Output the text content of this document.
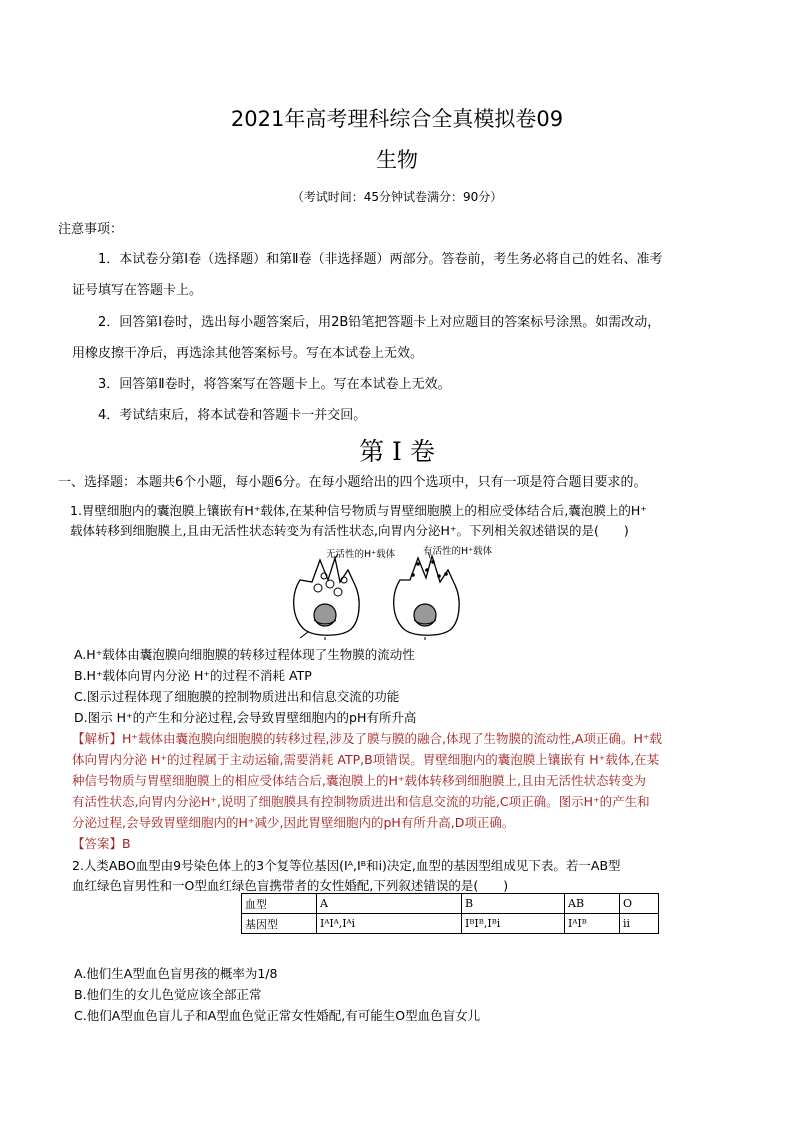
2021年高考理科综合全真模拟卷09
生物
（考试时间：45分钟试卷满分：90分）
注意事项：
1．本试卷分第Ⅰ卷（选择题）和第Ⅱ卷（非选择题）两部分。答卷前，考生务必将自己的姓名、准考
证号填写在答题卡上。
2．回答第Ⅰ卷时，选出每小题答案后，用2B铅笔把答题卡上对应题目的答案标号涂黑。如需改动，
用橡皮擦干净后，再选涂其他答案标号。写在本试卷上无效。
3．回答第Ⅱ卷时，将答案写在答题卡上。写在本试卷上无效。
4．考试结束后，将本试卷和答题卡一并交回。
第 I 卷
一、选择题：本题共6个小题，每小题6分。在每小题给出的四个选项中，只有一项是符合题目要求的。
1.胃壁细胞内的囊泡膜上镶嵌有H⁺载体,在某种信号物质与胃壁细胞膜上的相应受体结合后,囊泡膜上的H⁺
载体转移到细胞膜上,且由无活性状态转变为有活性状态,向胃内分泌H⁺。下列相关叙述错误的是(　　)
无活性的H⁺载体	有活性的H⁺载体
A.H⁺载体由囊泡膜向细胞膜的转移过程体现了生物膜的流动性
B.H⁺载体向胃内分泌 H⁺的过程不消耗 ATP
C.图示过程体现了细胞膜的控制物质进出和信息交流的功能
D.图示 H⁺的产生和分泌过程,会导致胃壁细胞内的pH有所升高
【解析】H⁺载体由囊泡膜向细胞膜的转移过程,涉及了膜与膜的融合,体现了生物膜的流动性,A项正确。H⁺载
体向胃内分泌 H⁺的过程属于主动运输,需要消耗 ATP,B项错误。胃壁细胞内的囊泡膜上镶嵌有 H⁺载体,在某
种信号物质与胃壁细胞膜上的相应受体结合后,囊泡膜上的H⁺载体转移到细胞膜上,且由无活性状态转变为
有活性状态,向胃内分泌H⁺,说明了细胞膜具有控制物质进出和信息交流的功能,C项正确。图示H⁺的产生和
分泌过程,会导致胃壁细胞内的H⁺减少,因此胃壁细胞内的pH有所升高,D项正确。
【答案】B
2.人类ABO血型由9号染色体上的3个复等位基因(Iᴬ,Iᴮ和i)决定,血型的基因型组成见下表。若一AB型
血红绿色盲男性和一O型血红绿色盲携带者的女性婚配,下列叙述错误的是(　　)
血型	A	B	AB	O
基因型	IᴬIᴬ,Iᴬi	IᴮIᴮ,Iᴮi	IᴬIᴮ	ii
A.他们生A型血色盲男孩的概率为1/8
B.他们生的女儿色觉应该全部正常
C.他们A型血色盲儿子和A型血色觉正常女性婚配,有可能生O型血色盲女儿
